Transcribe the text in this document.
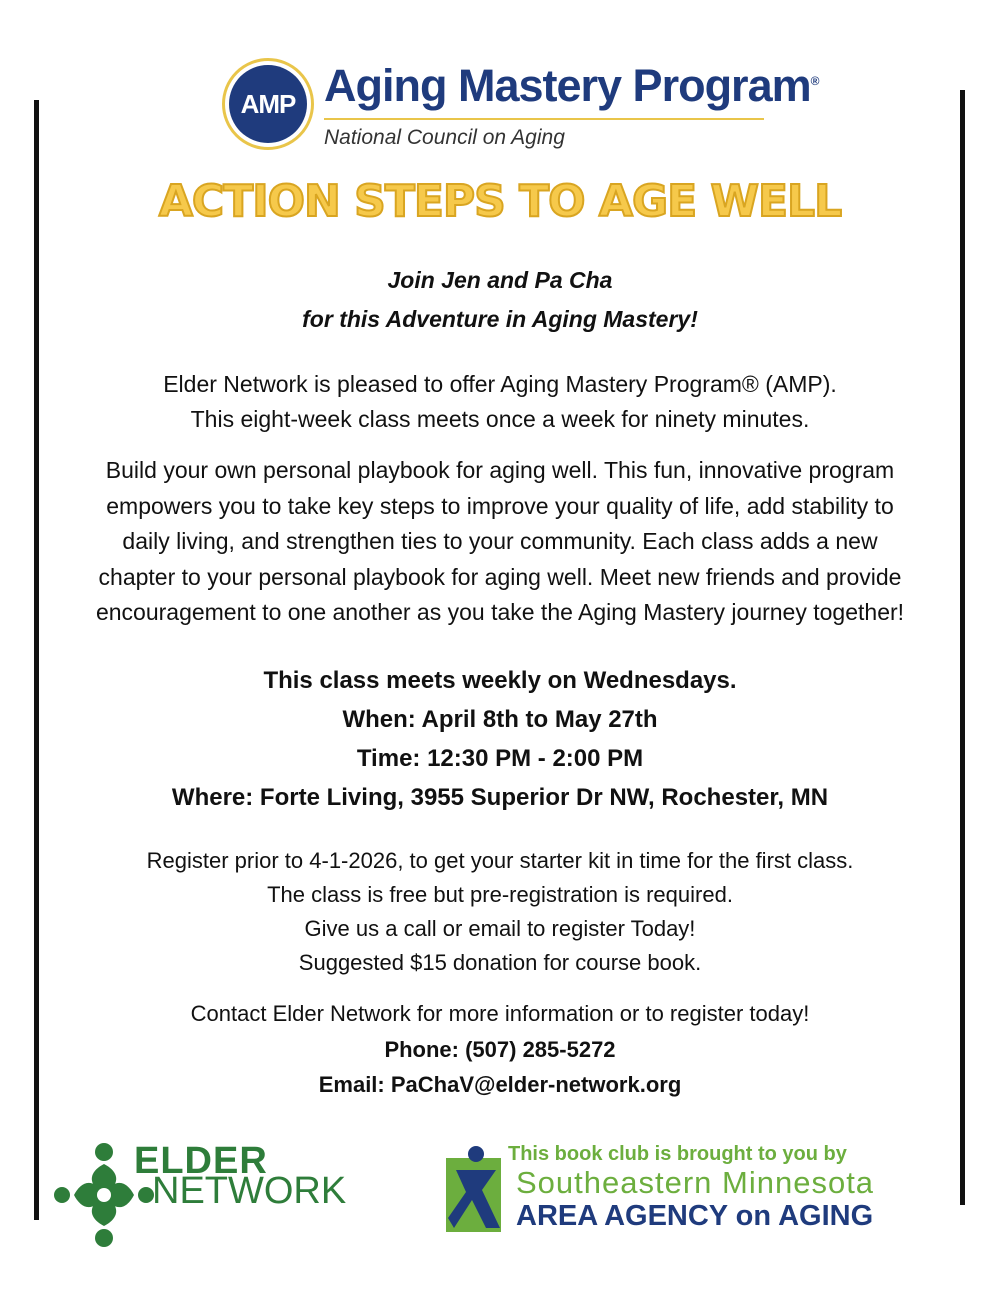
AMP Aging Mastery Program®
National Council on Aging
ACTION STEPS TO AGE WELL
Join Jen and Pa Cha
for this Adventure in Aging Mastery!
Elder Network is pleased to offer Aging Mastery Program® (AMP).
This eight-week class meets once a week for ninety minutes.
Build your own personal playbook for aging well. This fun, innovative program
empowers you to take key steps to improve your quality of life, add stability to
daily living, and strengthen ties to your community. Each class adds a new
chapter to your personal playbook for aging well. Meet new friends and provide
encouragement to one another as you take the Aging Mastery journey together!
This class meets weekly on Wednesdays.
When: April 8th to May 27th
Time: 12:30 PM - 2:00 PM
Where: Forte Living, 3955 Superior Dr NW, Rochester, MN
Register prior to 4-1-2026, to get your starter kit in time for the first class.
The class is free but pre-registration is required.
Give us a call or email to register Today!
Suggested $15 donation for course book.
Contact Elder Network for more information or to register today!
Phone: (507) 285-5272
Email: PaChaV@elder-network.org
ELDER
NETWORK
This book club is brought to you by
Southeastern Minnesota
AREA AGENCY on AGING
